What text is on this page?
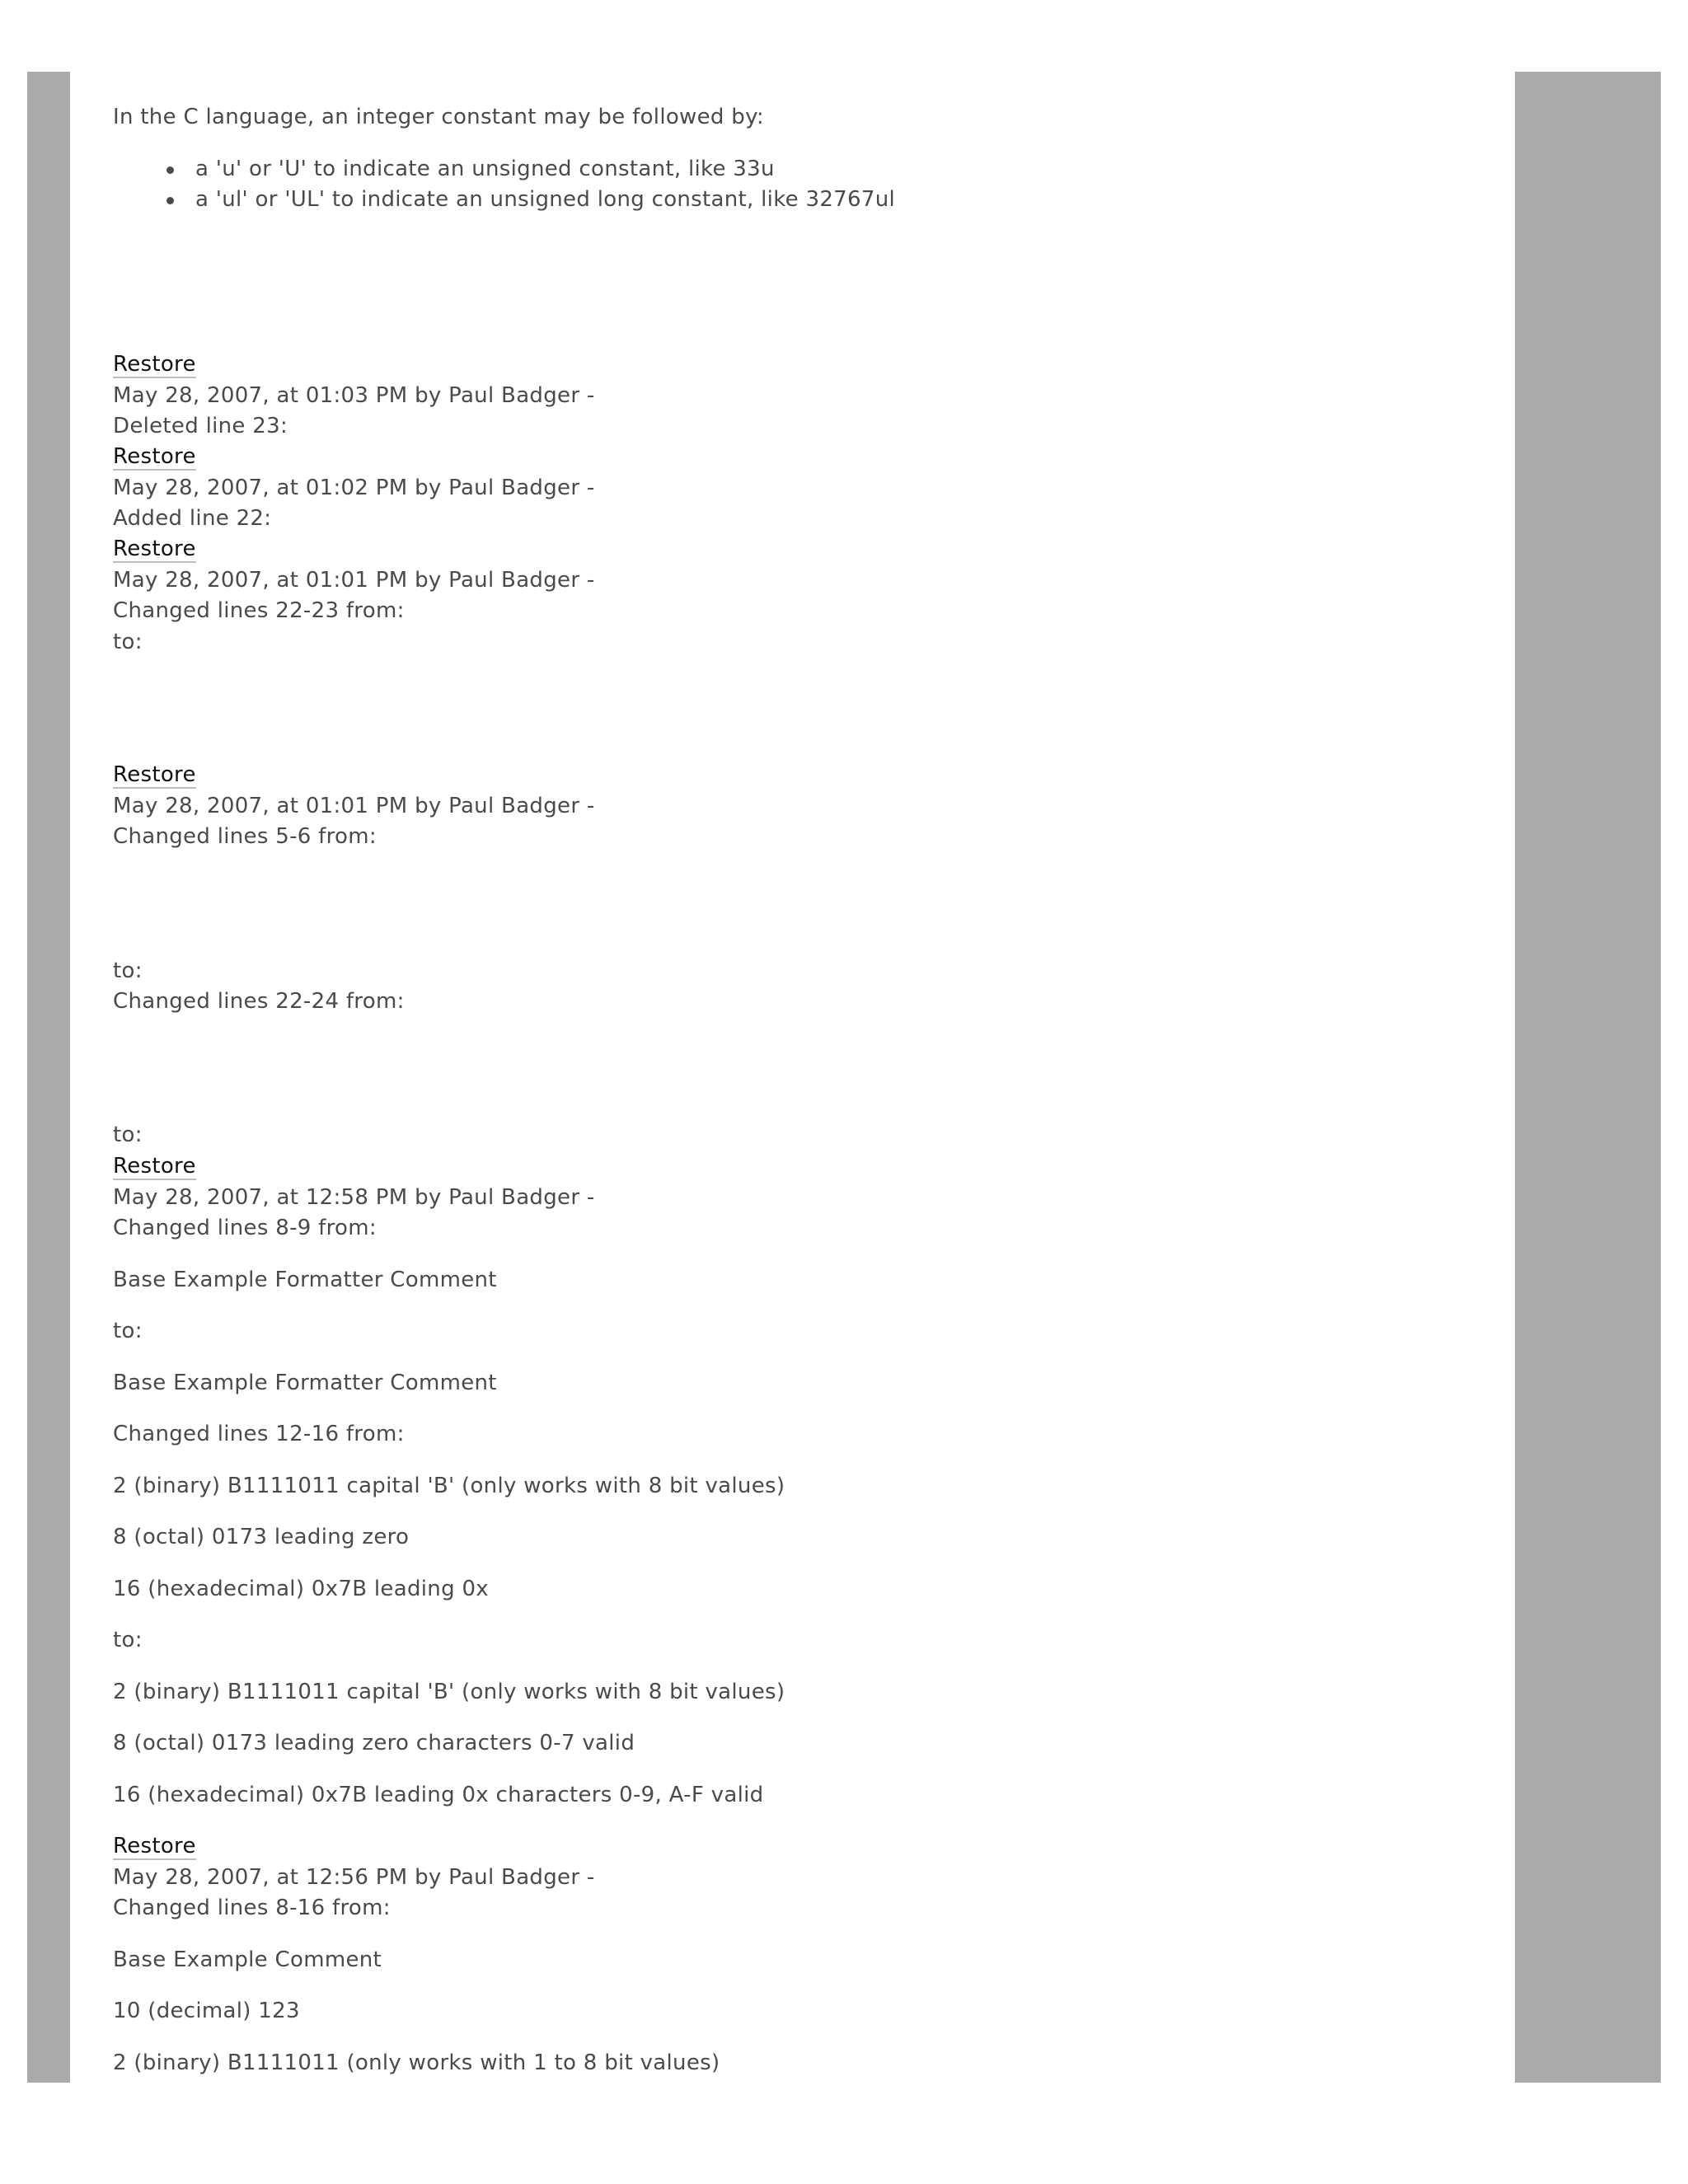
In the C language, an integer constant may be followed by:
a 'u' or 'U' to indicate an unsigned constant, like 33u
a 'ul' or 'UL' to indicate an unsigned long constant, like 32767ul
Restore
May 28, 2007, at 01:03 PM by Paul Badger -
Deleted line 23:
Restore
May 28, 2007, at 01:02 PM by Paul Badger -
Added line 22:
Restore
May 28, 2007, at 01:01 PM by Paul Badger -
Changed lines 22-23 from:
to:
Restore
May 28, 2007, at 01:01 PM by Paul Badger -
Changed lines 5-6 from:
to:
Changed lines 22-24 from:
to:
Restore
May 28, 2007, at 12:58 PM by Paul Badger -
Changed lines 8-9 from:
Base Example Formatter Comment
to:
Base Example Formatter Comment
Changed lines 12-16 from:
2 (binary) B1111011 capital 'B' (only works with 8 bit values)
8 (octal) 0173 leading zero
16 (hexadecimal) 0x7B leading 0x
to:
2 (binary) B1111011 capital 'B' (only works with 8 bit values)
8 (octal) 0173 leading zero characters 0-7 valid
16 (hexadecimal) 0x7B leading 0x characters 0-9, A-F valid
Restore
May 28, 2007, at 12:56 PM by Paul Badger -
Changed lines 8-16 from:
Base Example Comment
10 (decimal) 123
2 (binary) B1111011 (only works with 1 to 8 bit values)
